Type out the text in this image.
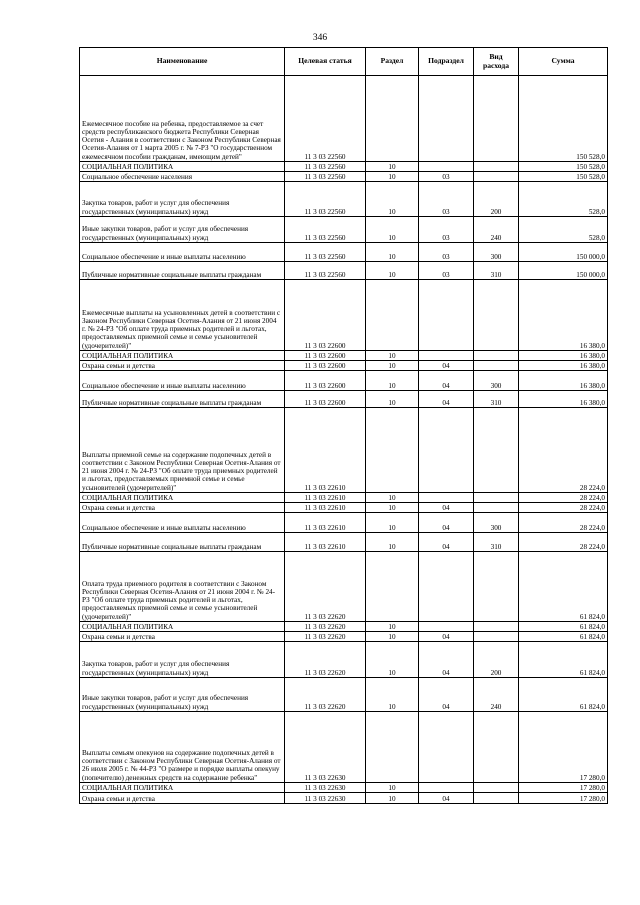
346
Наименование	Целевая статья	Раздел	Подраздел	Вид расхода	Сумма
Ежемесячное пособие на ребенка, предоставляемое за счет средств республиканского бюджета Республики Северная Осетия - Алания в соответствии с Законом Республики Северная Осетия-Алания от 1 марта 2005 г. № 7-РЗ "О государственном ежемесячном пособии гражданам, имеющим детей"	11 3 03 22560				150 528,0
СОЦИАЛЬНАЯ ПОЛИТИКА	11 3 03 22560	10			150 528,0
Социальное обеспечение населения	11 3 03 22560	10	03		150 528,0
Закупка товаров, работ и услуг для обеспечения государственных (муниципальных) нужд	11 3 03 22560	10	03	200	528,0
Иные закупки товаров, работ и услуг для обеспечения государственных (муниципальных) нужд	11 3 03 22560	10	03	240	528,0
Социальное обеспечение и иные выплаты населению	11 3 03 22560	10	03	300	150 000,0
Публичные нормативные социальные выплаты гражданам	11 3 03 22560	10	03	310	150 000,0
Ежемесячные выплаты на усыновленных детей в соответствии с Законом Республики Северная Осетия-Алания от 21 июня 2004 г. № 24-РЗ "Об оплате труда приемных родителей и льготах, предоставляемых приемной семье и семье усыновителей (удочерителей)"	11 3 03 22600				16 380,0
СОЦИАЛЬНАЯ ПОЛИТИКА	11 3 03 22600	10			16 380,0
Охрана семьи и детства	11 3 03 22600	10	04		16 380,0
Социальное обеспечение и иные выплаты населению	11 3 03 22600	10	04	300	16 380,0
Публичные нормативные социальные выплаты гражданам	11 3 03 22600	10	04	310	16 380,0
Выплаты приемной семье на содержание подопечных детей в соответствии с Законом Республики Северная Осетия-Алания от 21 июня 2004 г. № 24-РЗ "Об оплате труда приемных родителей и льготах, предоставляемых приемной семье и семье усыновителей (удочерителей)"	11 3 03 22610				28 224,0
СОЦИАЛЬНАЯ ПОЛИТИКА	11 3 03 22610	10			28 224,0
Охрана семьи и детства	11 3 03 22610	10	04		28 224,0
Социальное обеспечение и иные выплаты населению	11 3 03 22610	10	04	300	28 224,0
Публичные нормативные социальные выплаты гражданам	11 3 03 22610	10	04	310	28 224,0
Оплата труда приемного родителя в соответствии с Законом Республики Северная Осетия-Алания от 21 июня 2004 г. № 24-РЗ "Об оплате труда приемных родителей и льготах, предоставляемых приемной семье и семье усыновителей (удочерителей)"	11 3 03 22620				61 824,0
СОЦИАЛЬНАЯ ПОЛИТИКА	11 3 03 22620	10			61 824,0
Охрана семьи и детства	11 3 03 22620	10	04		61 824,0
Закупка товаров, работ и услуг для обеспечения государственных (муниципальных) нужд	11 3 03 22620	10	04	200	61 824,0
Иные закупки товаров, работ и услуг для обеспечения государственных (муниципальных) нужд	11 3 03 22620	10	04	240	61 824,0
Выплаты семьям опекунов на содержание подопечных детей в соответствии с Законом Республики Северная Осетия-Алания от 26 июля 2005 г. № 44-РЗ "О размере и порядке выплаты опекуну (попечителю) денежных средств на содержание ребенка"	11 3 03 22630				17 280,0
СОЦИАЛЬНАЯ ПОЛИТИКА	11 3 03 22630	10			17 280,0
Охрана семьи и детства	11 3 03 22630	10	04		17 280,0
